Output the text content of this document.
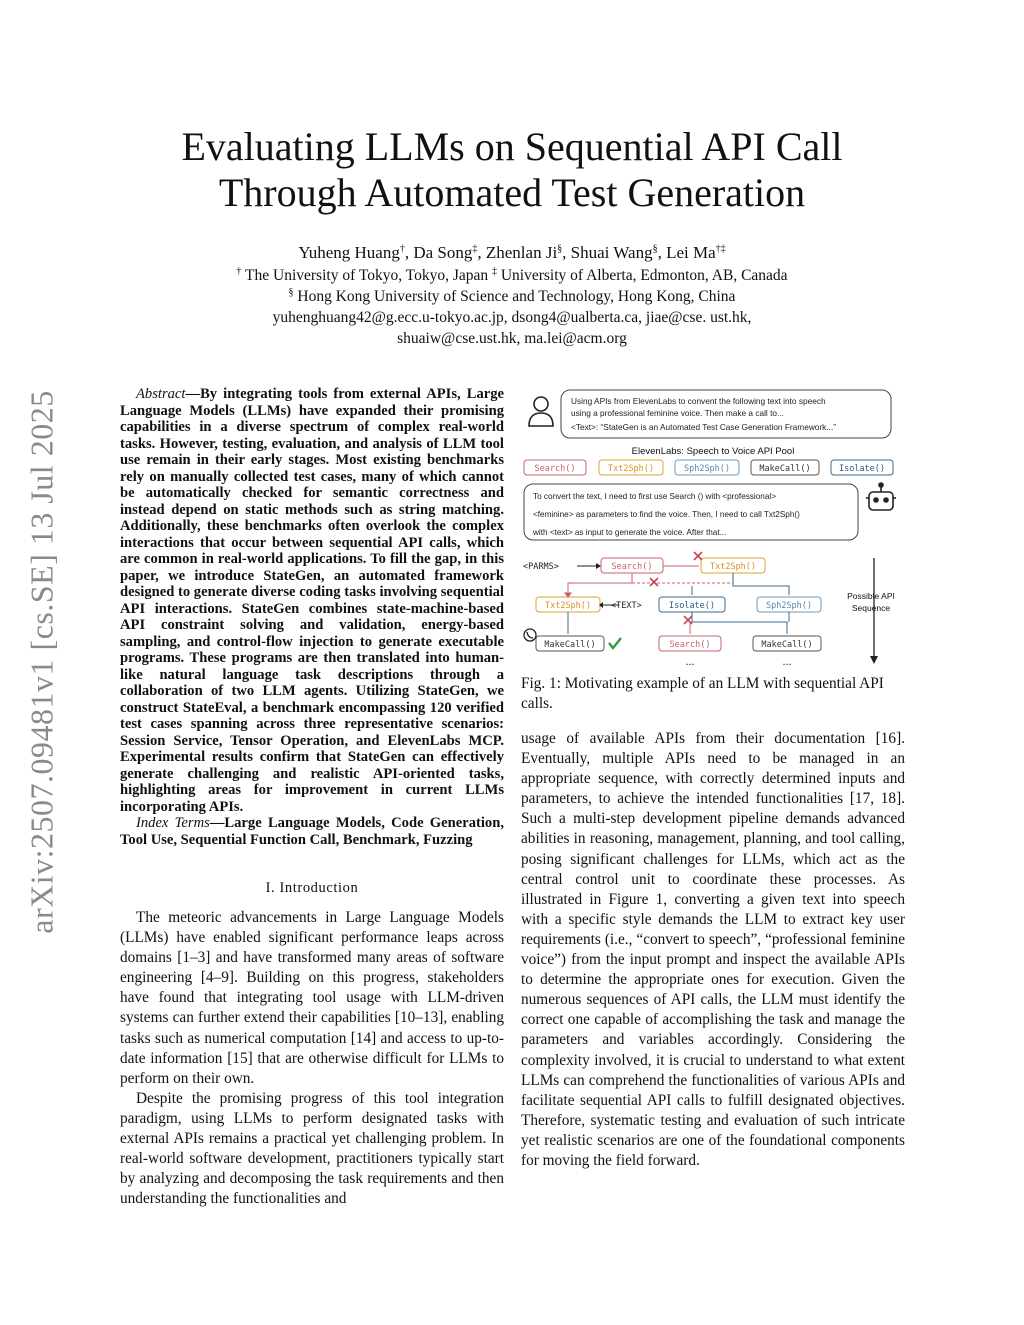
arXiv:2507.09481v1 [cs.SE] 13 Jul 2025
Evaluating LLMs on Sequential API Call
Through Automated Test Generation
Yuheng Huang†, Da Song‡, Zhenlan Ji§, Shuai Wang§, Lei Ma†‡
† The University of Tokyo, Tokyo, Japan ‡ University of Alberta, Edmonton, AB, Canada
§ Hong Kong University of Science and Technology, Hong Kong, China
yuhenghuang42@g.ecc.u-tokyo.ac.jp, dsong4@ualberta.ca, jiae@cse. ust.hk,
shuaiw@cse.ust.hk, ma.lei@acm.org

Abstract—By integrating tools from external APIs, Large Language Models (LLMs) have expanded their promising capabilities in a diverse spectrum of complex real-world tasks. However, testing, evaluation, and analysis of LLM tool use remain in their early stages. Most existing benchmarks rely on manually collected test cases, many of which cannot be automatically checked for semantic correctness and instead depend on static methods such as string matching. Additionally, these benchmarks often overlook the complex interactions that occur between sequential API calls, which are common in real-world applications. To fill the gap, in this paper, we introduce StateGen, an automated framework designed to generate diverse coding tasks involving sequential API interactions. StateGen combines state-machine-based API constraint solving and validation, energy-based sampling, and control-flow injection to generate executable programs. These programs are then translated into human-like natural language task descriptions through a collaboration of two LLM agents. Utilizing StateGen, we construct StateEval, a benchmark encompassing 120 verified test cases spanning across three representative scenarios: Session Service, Tensor Operation, and ElevenLabs MCP. Experimental results confirm that StateGen can effectively generate challenging and realistic API-oriented tasks, highlighting areas for improvement in current LLMs incorporating APIs.

Index Terms—Large Language Models, Code Generation, Tool Use, Sequential Function Call, Benchmark, Fuzzing

I. Introduction

The meteoric advancements in Large Language Models (LLMs) have enabled significant performance leaps across domains [1–3] and have transformed many areas of software engineering [4–9]. Building on this progress, stakeholders have found that integrating tool usage with LLM-driven systems can further extend their capabilities [10–13], enabling tasks such as numerical computation [14] and access to up-to-date information [15] that are otherwise difficult for LLMs to perform on their own.

Despite the promising progress of this tool integration paradigm, using LLMs to perform designated tasks with external APIs remains a practical yet challenging problem. In real-world software development, practitioners typically start by analyzing and decomposing the task requirements and then understanding the functionalities and

Using APIs from ElevenLabs to convent the following text into speech
using a professional feminine voice. Then make a call to...
<Text>: “StateGen is an Automated Test Case Generation Framework...”
ElevenLabs: Speech to Voice API Pool
Search()	Txt2Sph()	Sph2Sph()	MakeCall()	Isolate()
To convert the text, I need to first use Search () with <professional>
<feminine> as parameters to find the voice. Then, I need to call Txt2Sph()
with <text> as input to generate the voice. After that...
<PARMS>	Search()	Txt2Sph()
Txt2Sph()	Isolate()	Sph2Sph()
MakeCall()	Search()	MakeCall()
<TEXT>
...	...
Possible API
Sequence
Fig. 1: Motivating example of an LLM with sequential API calls.

usage of available APIs from their documentation [16]. Eventually, multiple APIs need to be managed in an appropriate sequence, with correctly determined inputs and parameters, to achieve the intended functionalities [17, 18]. Such a multi-step development pipeline demands advanced abilities in reasoning, management, planning, and tool calling, posing significant challenges for LLMs, which act as the central control unit to coordinate these processes. As illustrated in Figure 1, converting a given text into speech with a specific style demands the LLM to extract key user requirements (i.e., “convert to speech”, “professional feminine voice”) from the input prompt and inspect the available APIs to determine the appropriate ones for execution. Given the numerous sequences of API calls, the LLM must identify the correct one capable of accomplishing the task and manage the parameters and variables accordingly. Considering the complexity involved, it is crucial to understand to what extent LLMs can comprehend the functionalities of various APIs and facilitate sequential API calls to fulfill designated objectives. Therefore, systematic testing and evaluation of such intricate yet realistic scenarios are one of the foundational components for moving the field forward.
